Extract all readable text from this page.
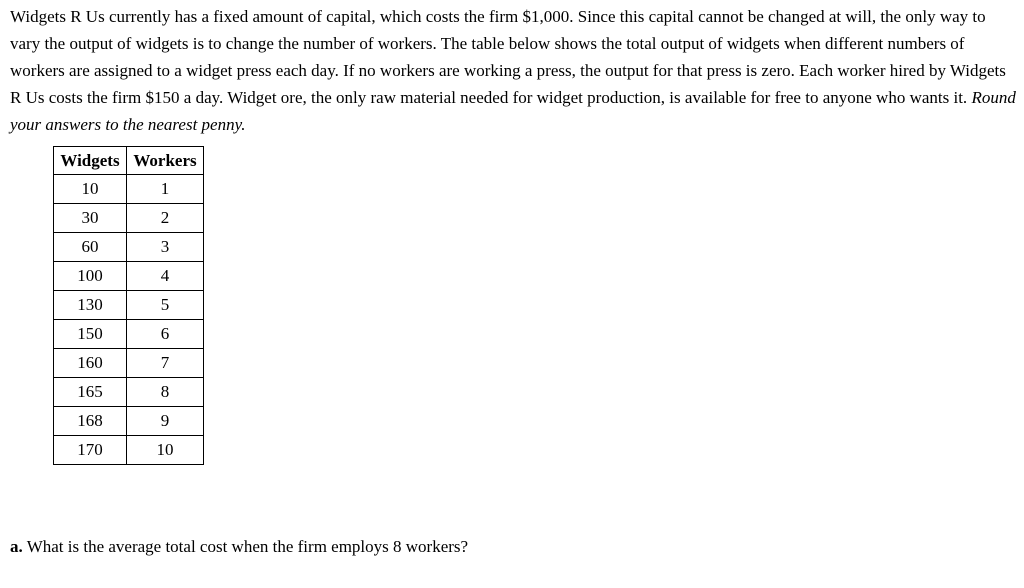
Widgets R Us currently has a fixed amount of capital, which costs the firm $1,000. Since this capital cannot be changed at will, the only way to vary the output of widgets is to change the number of workers. The table below shows the total output of widgets when different numbers of workers are assigned to a widget press each day. If no workers are working a press, the output for that press is zero. Each worker hired by Widgets R Us costs the firm $150 a day. Widget ore, the only raw material needed for widget production, is available for free to anyone who wants it. Round your answers to the nearest penny.

Widgets	Workers
10	1
30	2
60	3
100	4
130	5
150	6
160	7
165	8
168	9
170	10

a. What is the average total cost when the firm employs 8 workers?
